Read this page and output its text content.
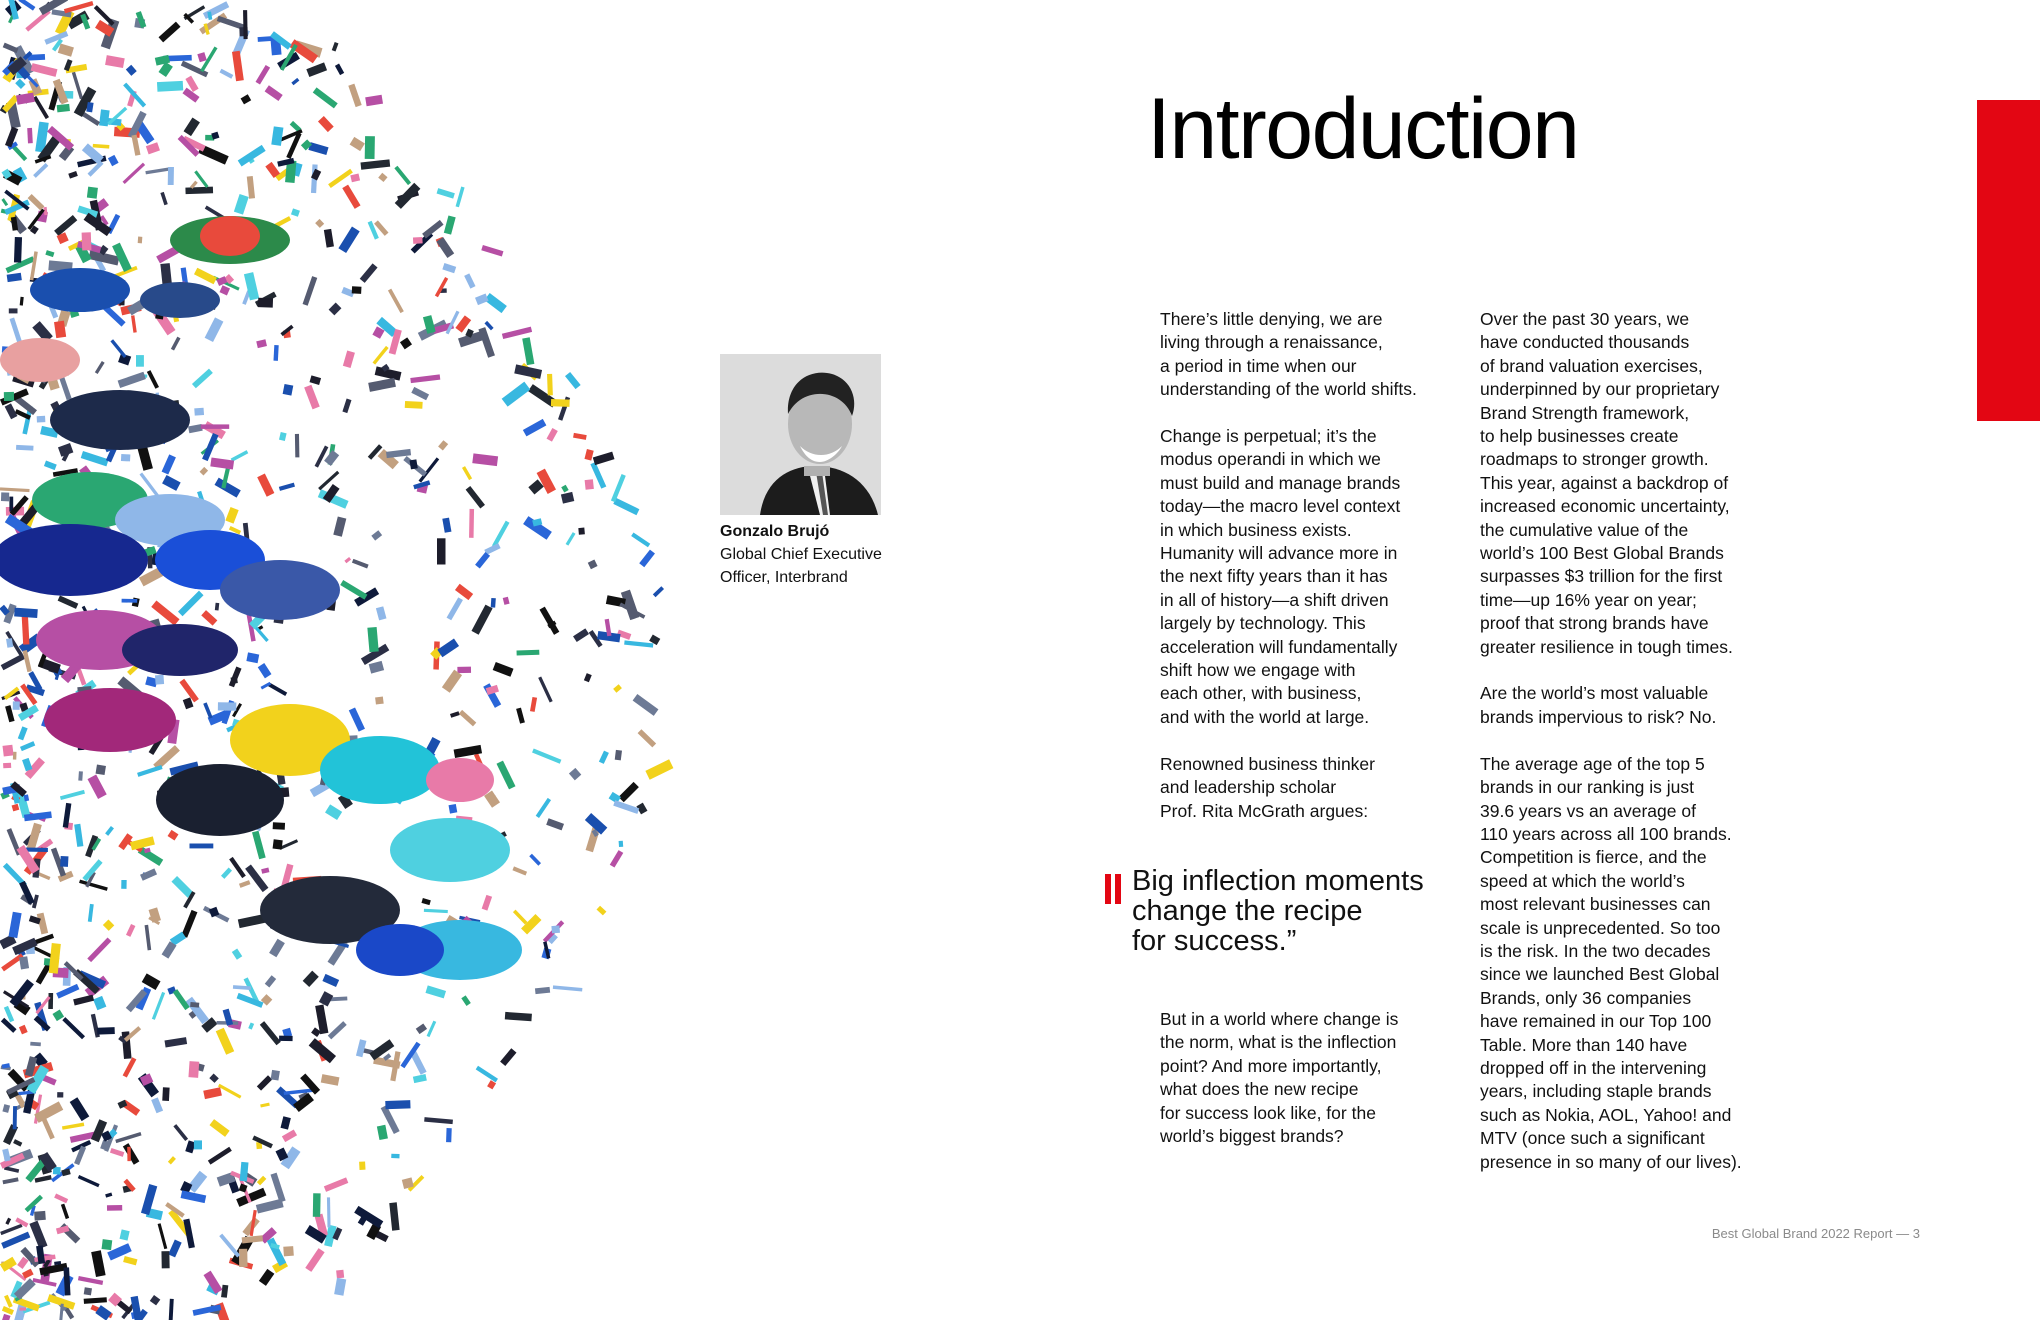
Introduction
Gonzalo Brujó
Global Chief Executive
Officer, Interbrand

There’s little denying, we are
living through a renaissance,
a period in time when our
understanding of the world shifts.

Change is perpetual; it’s the
modus operandi in which we
must build and manage brands
today—the macro level context
in which business exists.
Humanity will advance more in
the next fifty years than it has
in all of history—a shift driven
largely by technology. This
acceleration will fundamentally
shift how we engage with
each other, with business,
and with the world at large.

Renowned business thinker
and leadership scholar
Prof. Rita McGrath argues:

Big inflection moments
change the recipe
for success.”

But in a world where change is
the norm, what is the inflection
point? And more importantly,
what does the new recipe
for success look like, for the
world’s biggest brands?

Over the past 30 years, we
have conducted thousands
of brand valuation exercises,
underpinned by our proprietary
Brand Strength framework,
to help businesses create
roadmaps to stronger growth.
This year, against a backdrop of
increased economic uncertainty,
the cumulative value of the
world’s 100 Best Global Brands
surpasses $3 trillion for the first
time—up 16% year on year;
proof that strong brands have
greater resilience in tough times.

Are the world’s most valuable
brands impervious to risk? No.

The average age of the top 5
brands in our ranking is just
39.6 years vs an average of
110 years across all 100 brands.
Competition is fierce, and the
speed at which the world’s
most relevant businesses can
scale is unprecedented. So too
is the risk. In the two decades
since we launched Best Global
Brands, only 36 companies
have remained in our Top 100
Table. More than 140 have
dropped off in the intervening
years, including staple brands
such as Nokia, AOL, Yahoo! and
MTV (once such a significant
presence in so many of our lives).

Best Global Brand 2022 Report — 3
